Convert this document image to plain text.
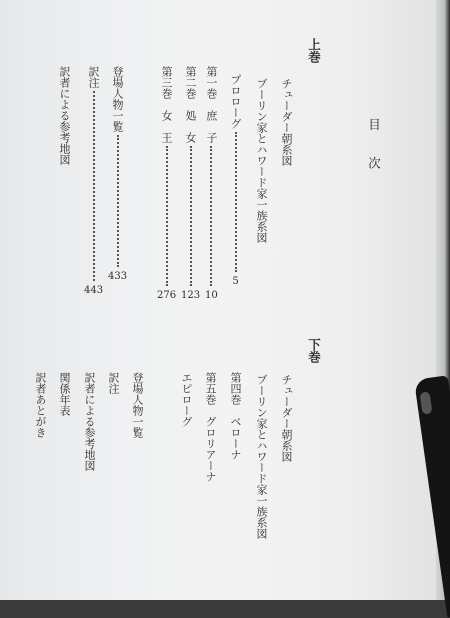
目次
上巻
チューダー朝系図
ブーリン家とハワード家一族系図
プロローグ
5
第一巻　庶　子
10
第二巻　処　女
123
第三巻　女　王
276
登場人物一覧
433
訳注
443
訳者による参考地図
下巻
チューダー朝系図
ブーリン家とハワード家一族系図
第四巻　ベローナ
第五巻　グロリアーナ
エピローグ
登場人物一覧
訳注
訳者による参考地図
関係年表
訳者あとがき
